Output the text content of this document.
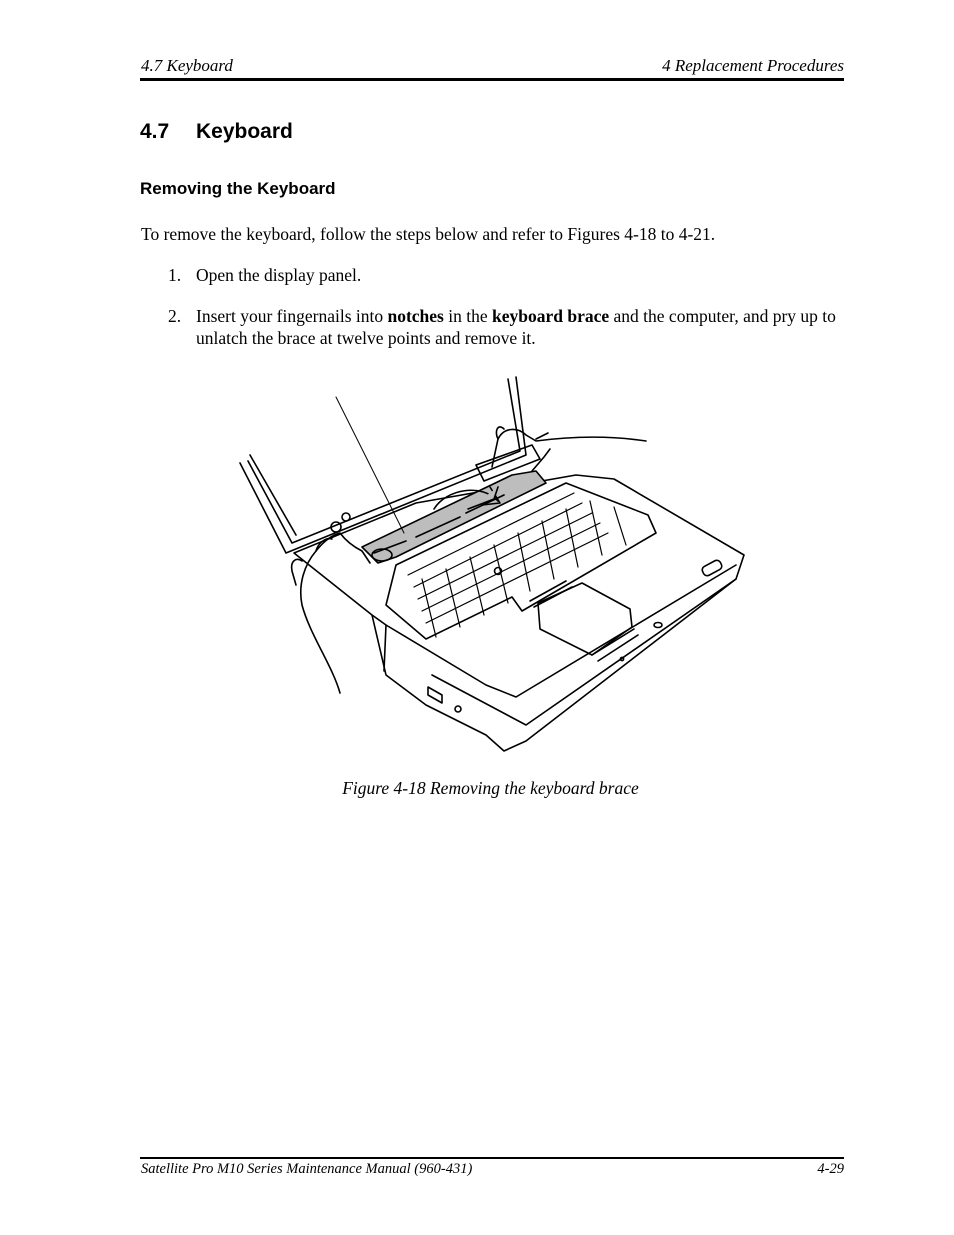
4.7 Keyboard	4 Replacement Procedures
4.7 Keyboard
Removing the Keyboard
To remove the keyboard, follow the steps below and refer to Figures 4-18 to 4-21.
1. Open the display panel.
2. Insert your fingernails into notches in the keyboard brace and the computer, and pry up to unlatch the brace at twelve points and remove it.
Figure 4-18 Removing the keyboard brace
Satellite Pro M10 Series Maintenance Manual (960-431)	4-29
